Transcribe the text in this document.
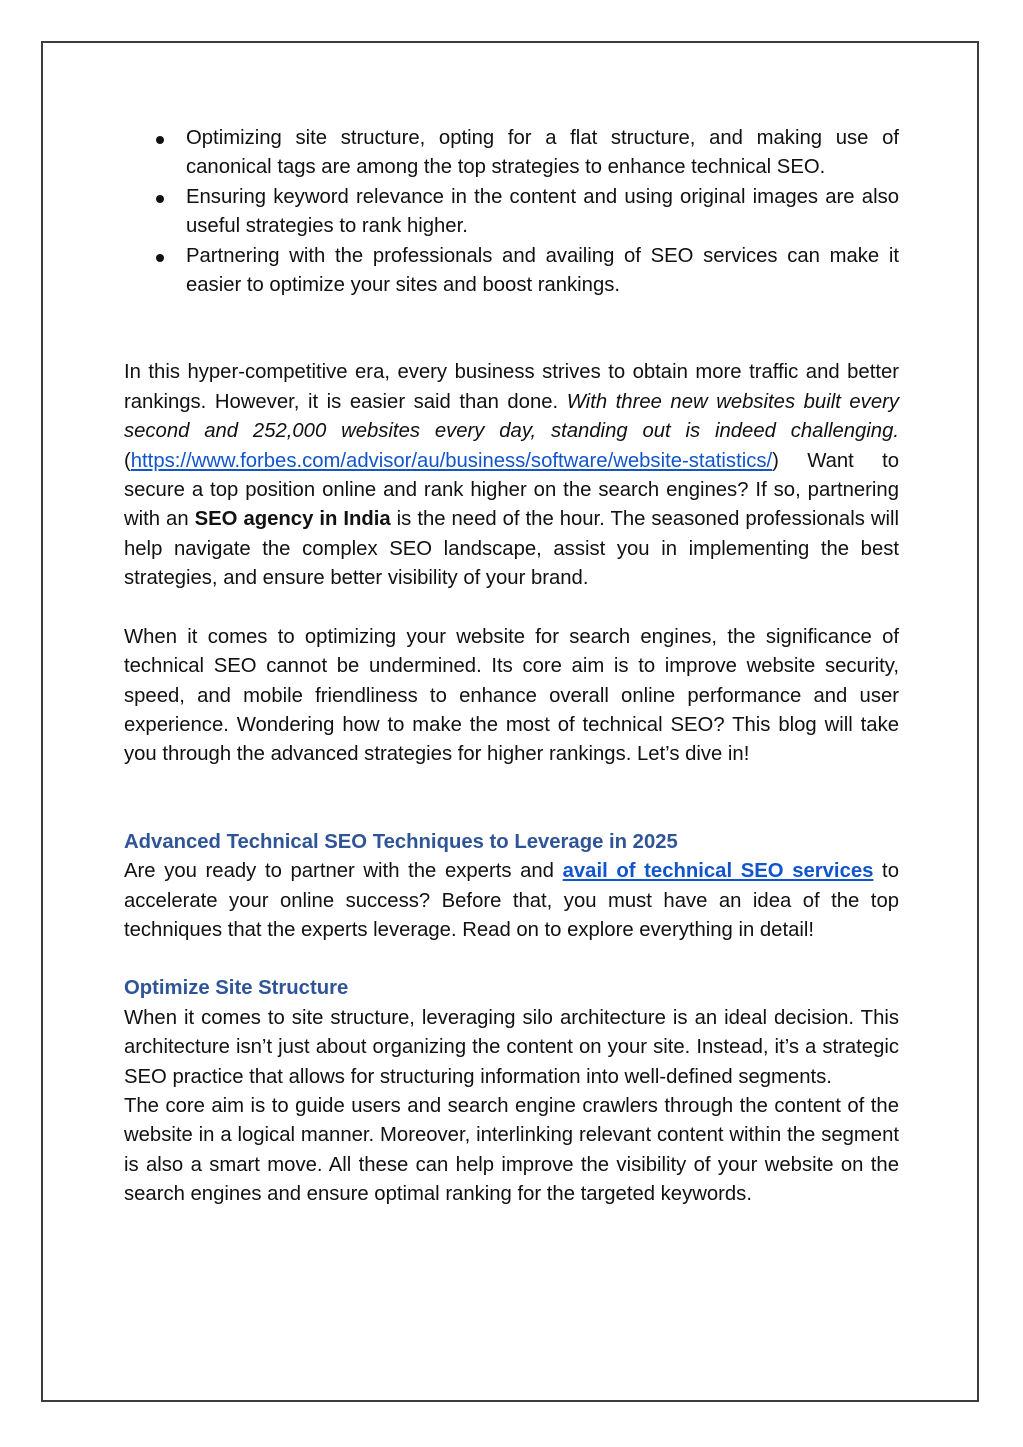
Optimizing site structure, opting for a flat structure, and making use of canonical tags are among the top strategies to enhance technical SEO.
Ensuring keyword relevance in the content and using original images are also useful strategies to rank higher.
Partnering with the professionals and availing of SEO services can make it easier to optimize your sites and boost rankings.

In this hyper-competitive era, every business strives to obtain more traffic and better rankings. However, it is easier said than done. With three new websites built every second and 252,000 websites every day, standing out is indeed challenging. (https://www.forbes.com/advisor/au/business/software/website-statistics/) Want to secure a top position online and rank higher on the search engines? If so, partnering with an SEO agency in India is the need of the hour. The seasoned professionals will help navigate the complex SEO landscape, assist you in implementing the best strategies, and ensure better visibility of your brand.

When it comes to optimizing your website for search engines, the significance of technical SEO cannot be undermined. Its core aim is to improve website security, speed, and mobile friendliness to enhance overall online performance and user experience. Wondering how to make the most of technical SEO? This blog will take you through the advanced strategies for higher rankings. Let’s dive in!

Advanced Technical SEO Techniques to Leverage in 2025

Are you ready to partner with the experts and avail of technical SEO services to accelerate your online success? Before that, you must have an idea of the top techniques that the experts leverage. Read on to explore everything in detail!

Optimize Site Structure

When it comes to site structure, leveraging silo architecture is an ideal decision. This architecture isn’t just about organizing the content on your site. Instead, it’s a strategic SEO practice that allows for structuring information into well-defined segments.

The core aim is to guide users and search engine crawlers through the content of the website in a logical manner. Moreover, interlinking relevant content within the segment is also a smart move. All these can help improve the visibility of your website on the search engines and ensure optimal ranking for the targeted keywords.
